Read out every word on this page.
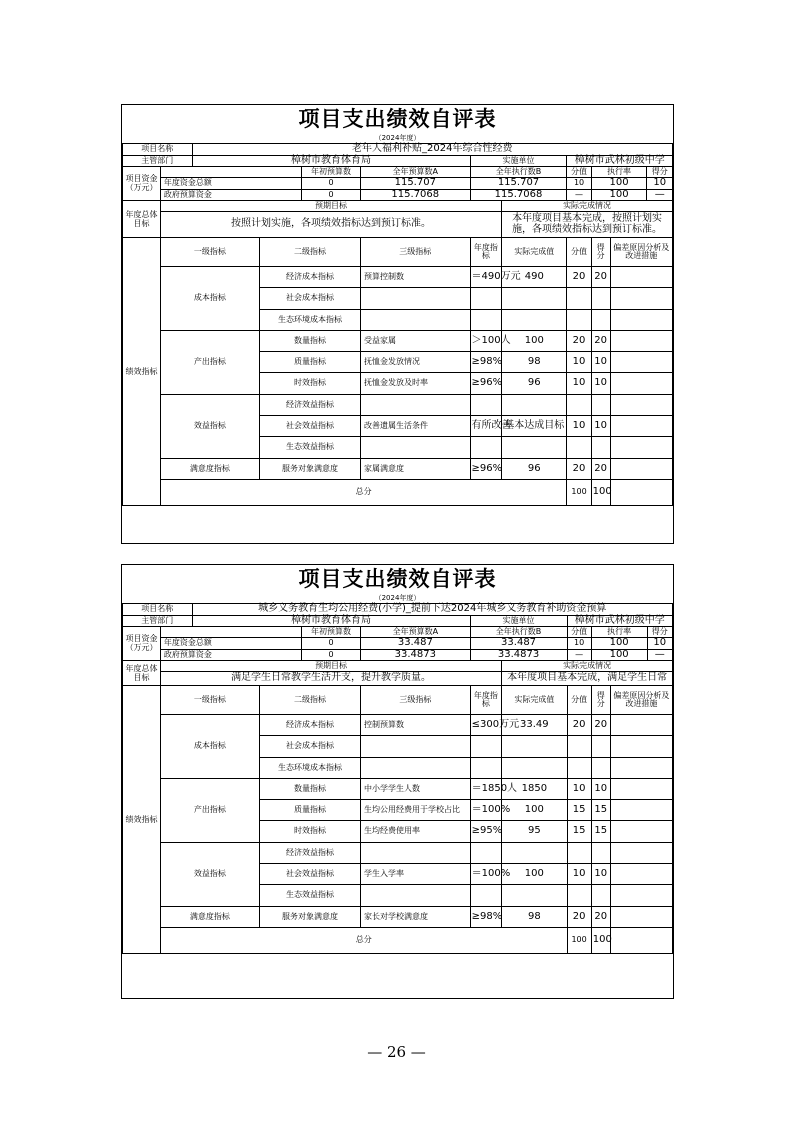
项目支出绩效自评表
（2024年度）
项目名称		老年人福利补贴_2024年综合性经费									
主管部门		樟树市教育体育局				实施单位		樟树市武林初级中学			
项目资金（万元）				年初预算数	全年预算数A	全年执行数B		分值	执行率		得分
	年度资金总额			0	115.707	115.707		10	100		10
	政府预算资金			0	115.7068	115.7068		—	100		—
年度总体目标	预期目标						实际完成情况				
	按照计划实施，各项绩效指标达到预订标准。						本年度项目基本完成，按照计划实施，各项绩效指标达到预订标准。				
绩效指标	一级指标		二级指标		三级指标	年度指标	实际完成值	分值	得分	偏差原因分析及改进措施	
	成本指标		经济成本指标		预算控制数	＝490万元	490	20	20		
			社会成本指标								
			生态环境成本指标								
	产出指标		数量指标		受益家属	＞100人	100	20	20		
			质量指标		抚恤金发放情况	≥98%	98	10	10		
			时效指标		抚恤金发放及时率	≥96%	96	10	10		
	效益指标		经济效益指标								
			社会效益指标		改善遗属生活条件	有所改善	基本达成目标	10	10		
			生态效益指标								
	满意度指标		服务对象满意度		家属满意度	≥96%	96	20	20		
	总分							100	100		
项目支出绩效自评表
（2024年度）
项目名称		城乡义务教育生均公用经费(小学)_提前下达2024年城乡义务教育补助资金预算									
主管部门		樟树市教育体育局				实施单位		樟树市武林初级中学			
项目资金（万元）				年初预算数	全年预算数A	全年执行数B		分值	执行率		得分
	年度资金总额			0	33.487	33.487		10	100		10
	政府预算资金			0	33.4873	33.4873		—	100		—
年度总体目标	预期目标						实际完成情况				
	满足学生日常教学生活开支，提升教学质量。						本年度项目基本完成，满足学生日常				
绩效指标	一级指标		二级指标		三级指标	年度指标	实际完成值	分值	得分	偏差原因分析及改进措施	
	成本指标		经济成本指标		控制预算数	≤300万元	33.49	20	20		
			社会成本指标								
			生态环境成本指标								
	产出指标		数量指标		中小学学生人数	＝1850人	1850	10	10		
			质量指标		生均公用经费用于学校占比	＝100%	100	15	15		
			时效指标		生均经费使用率	≥95%	95	15	15		
	效益指标		经济效益指标								
			社会效益指标		学生入学率	＝100%	100	10	10		
			生态效益指标								
	满意度指标		服务对象满意度		家长对学校满意度	≥98%	98	20	20		
	总分							100	100		
— 26 —
